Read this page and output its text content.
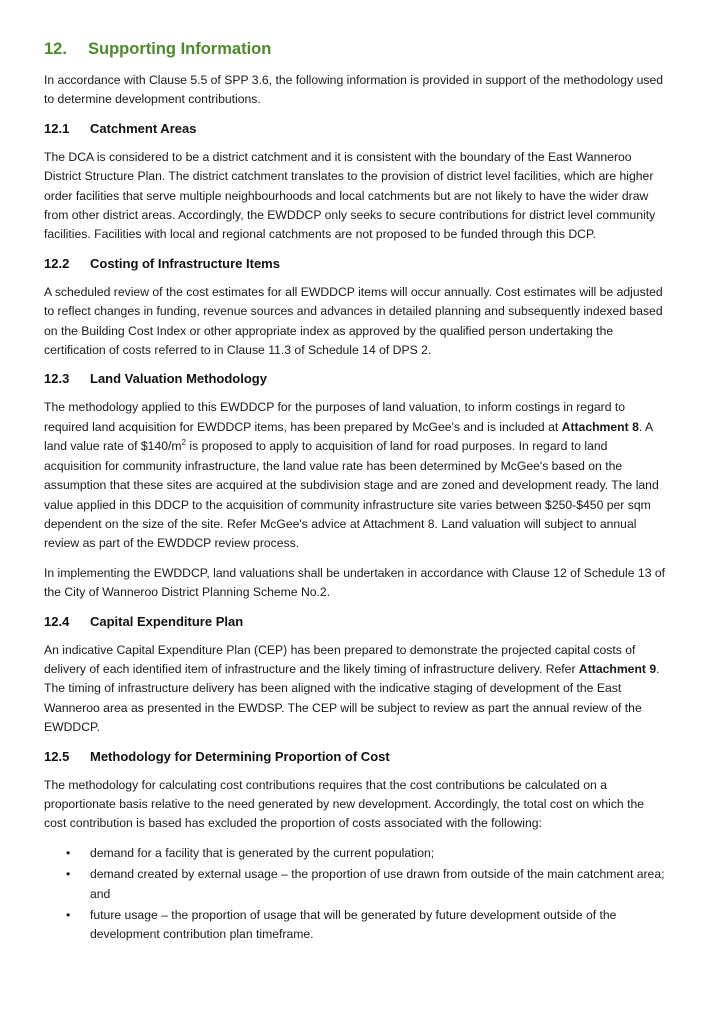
12.	Supporting Information

In accordance with Clause 5.5 of SPP 3.6, the following information is provided in support of the methodology used to determine development contributions.

12.1	Catchment Areas

The DCA is considered to be a district catchment and it is consistent with the boundary of the East Wanneroo District Structure Plan. The district catchment translates to the provision of district level facilities, which are higher order facilities that serve multiple neighbourhoods and local catchments but are not likely to have the wider draw from other district areas. Accordingly, the EWDDCP only seeks to secure contributions for district level community facilities. Facilities with local and regional catchments are not proposed to be funded through this DCP.

12.2	Costing of Infrastructure Items

A scheduled review of the cost estimates for all EWDDCP items will occur annually. Cost estimates will be adjusted to reflect changes in funding, revenue sources and advances in detailed planning and subsequently indexed based on the Building Cost Index or other appropriate index as approved by the qualified person undertaking the certification of costs referred to in Clause 11.3 of Schedule 14 of DPS 2.

12.3	Land Valuation Methodology

The methodology applied to this EWDDCP for the purposes of land valuation, to inform costings in regard to required land acquisition for EWDDCP items, has been prepared by McGee's and is included at Attachment 8. A land value rate of $\$140/m^2$ is proposed to apply to acquisition of land for road purposes. In regard to land acquisition for community infrastructure, the land value rate has been determined by McGee's based on the assumption that these sites are acquired at the subdivision stage and are zoned and development ready. The land value applied in this DDCP to the acquisition of community infrastructure site varies between $250-$450 per sqm dependent on the size of the site. Refer McGee's advice at Attachment 8. Land valuation will subject to annual review as part of the EWDDCP review process.

In implementing the EWDDCP, land valuations shall be undertaken in accordance with Clause 12 of Schedule 13 of the City of Wanneroo District Planning Scheme No.2.

12.4	Capital Expenditure Plan

An indicative Capital Expenditure Plan (CEP) has been prepared to demonstrate the projected capital costs of delivery of each identified item of infrastructure and the likely timing of infrastructure delivery. Refer Attachment 9. The timing of infrastructure delivery has been aligned with the indicative staging of development of the East Wanneroo area as presented in the EWDSP. The CEP will be subject to review as part the annual review of the EWDDCP.

12.5	Methodology for Determining Proportion of Cost

The methodology for calculating cost contributions requires that the cost contributions be calculated on a proportionate basis relative to the need generated by new development. Accordingly, the total cost on which the cost contribution is based has excluded the proportion of costs associated with the following:

• demand for a facility that is generated by the current population;
• demand created by external usage – the proportion of use drawn from outside of the main catchment area; and
• future usage – the proportion of usage that will be generated by future development outside of the development contribution plan timeframe.
